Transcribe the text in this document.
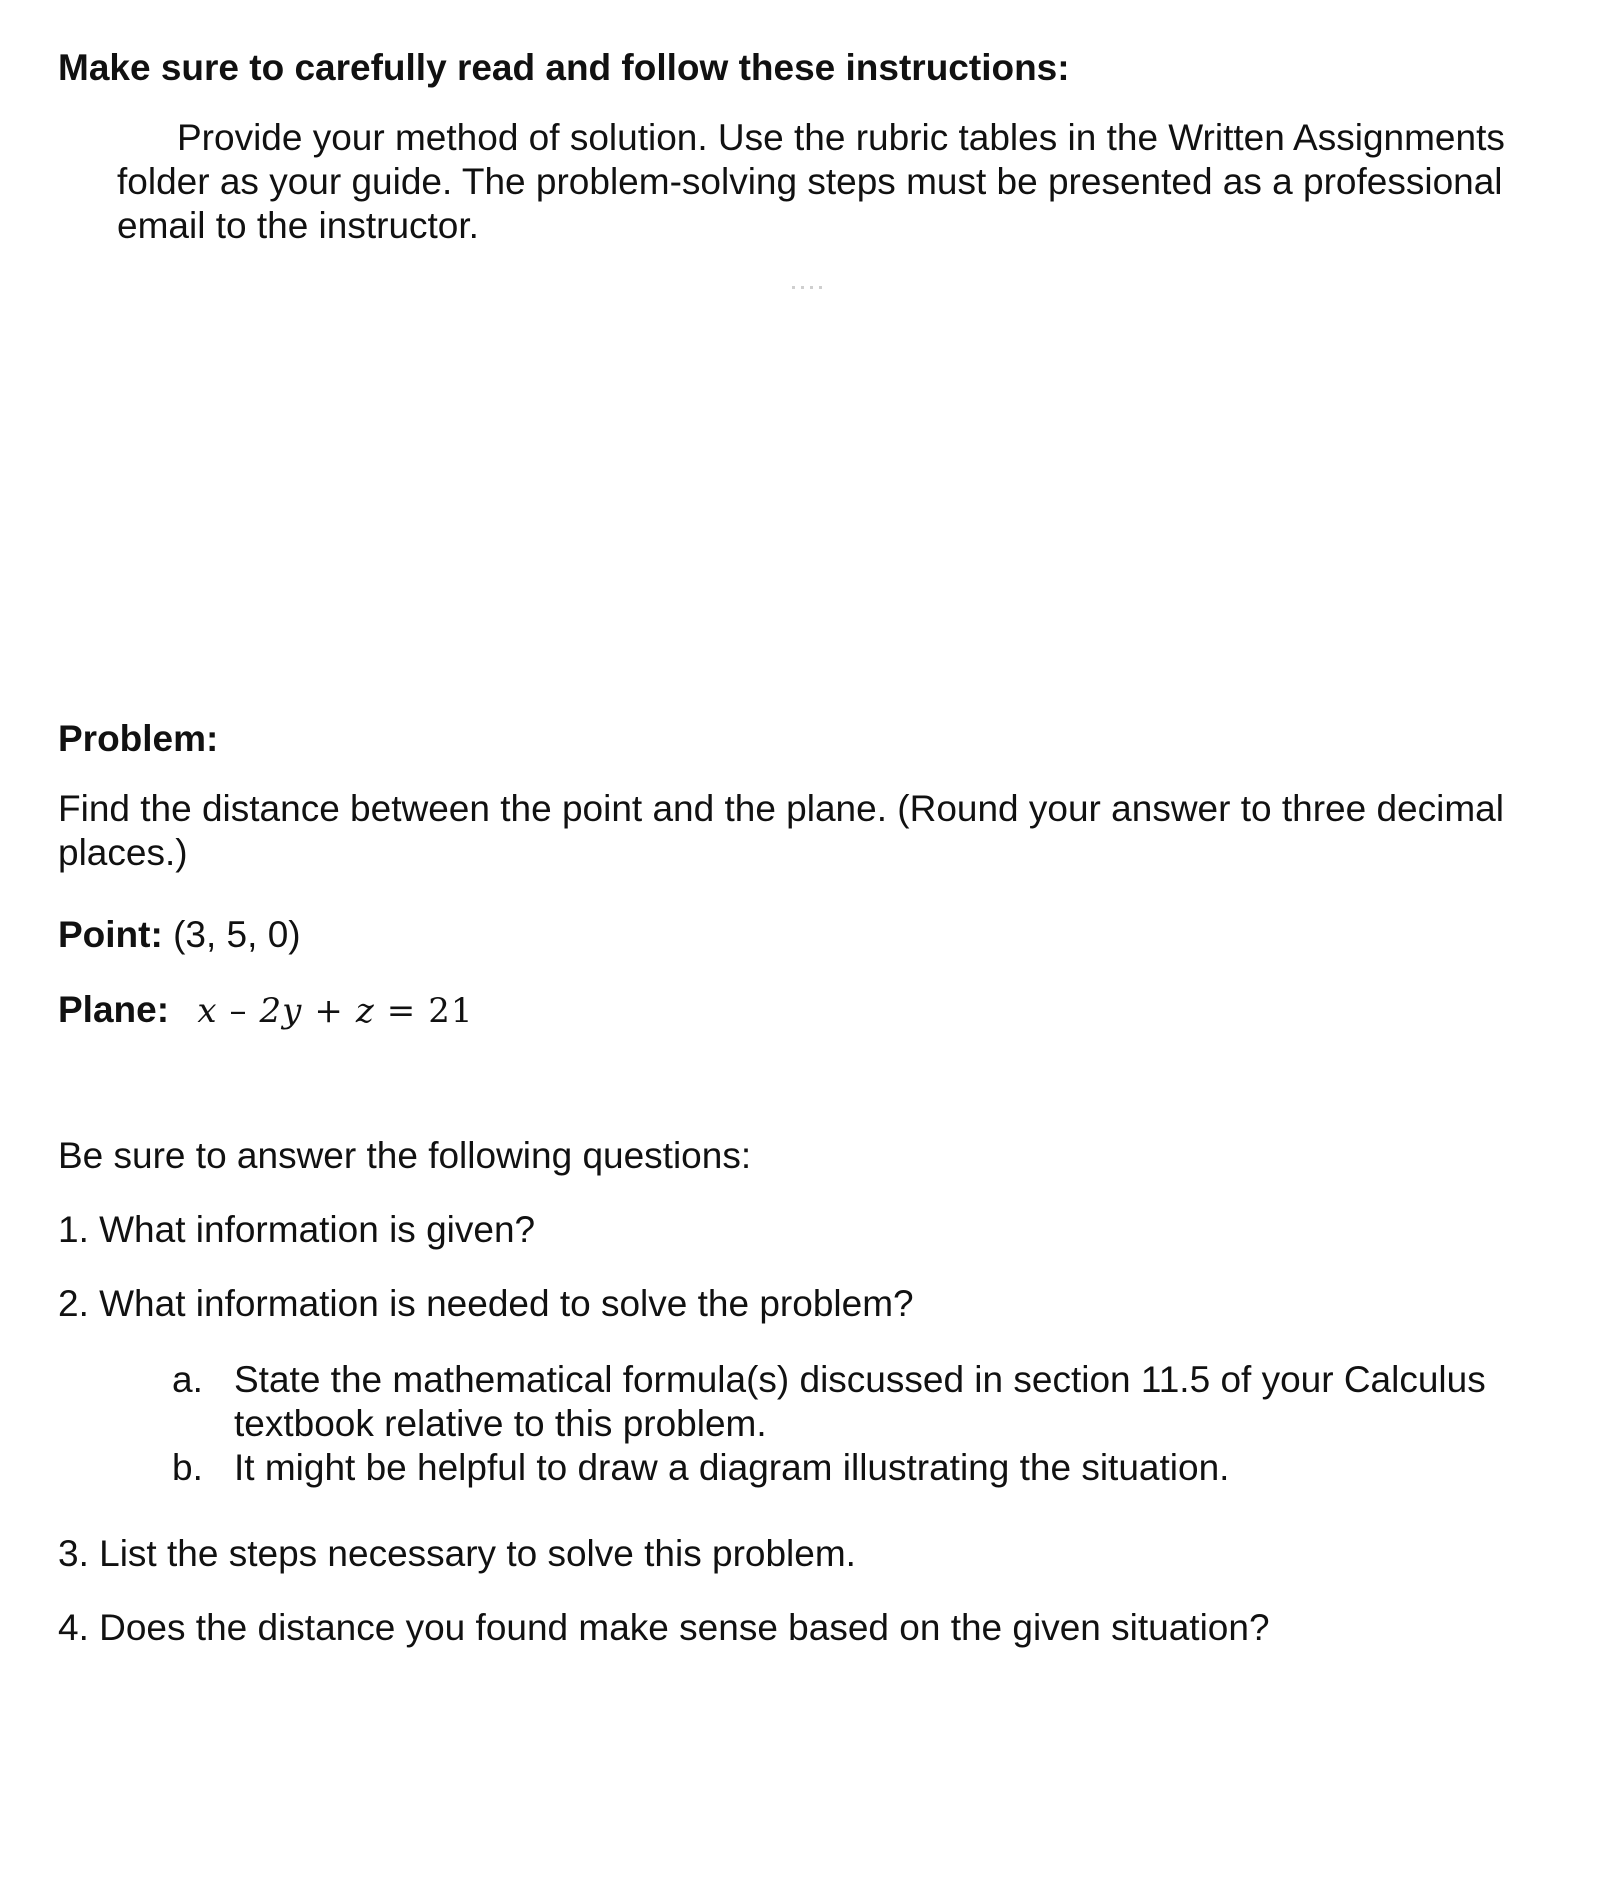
Make sure to carefully read and follow these instructions:

Provide your method of solution. Use the rubric tables in the Written Assignments folder as your guide. The problem-solving steps must be presented as a professional email to the instructor.

Problem:

Find the distance between the point and the plane. (Round your answer to three decimal places.)

Point: (3, 5, 0)

Plane: x – 2y + z = 21

Be sure to answer the following questions:

1. What information is given?

2. What information is needed to solve the problem?

a. State the mathematical formula(s) discussed in section 11.5 of your Calculus textbook relative to this problem.
b. It might be helpful to draw a diagram illustrating the situation.

3. List the steps necessary to solve this problem.

4. Does the distance you found make sense based on the given situation?
